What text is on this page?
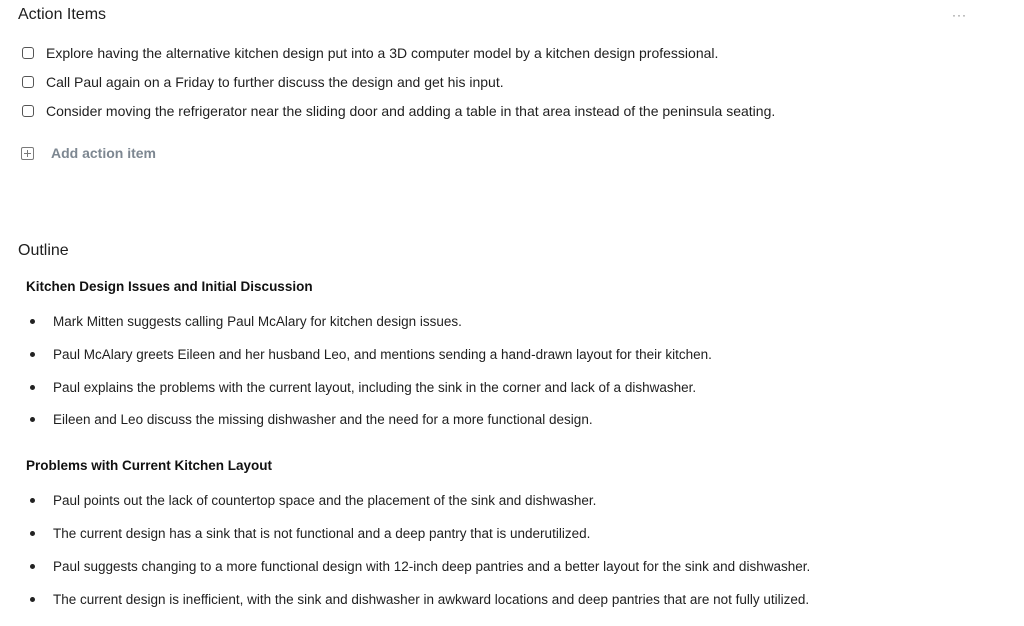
Action Items	···
Explore having the alternative kitchen design put into a 3D computer model by a kitchen design professional.
Call Paul again on a Friday to further discuss the design and get his input.
Consider moving the refrigerator near the sliding door and adding a table in that area instead of the peninsula seating.
Add action item
Outline
Kitchen Design Issues and Initial Discussion
Mark Mitten suggests calling Paul McAlary for kitchen design issues.
Paul McAlary greets Eileen and her husband Leo, and mentions sending a hand-drawn layout for their kitchen.
Paul explains the problems with the current layout, including the sink in the corner and lack of a dishwasher.
Eileen and Leo discuss the missing dishwasher and the need for a more functional design.
Problems with Current Kitchen Layout
Paul points out the lack of countertop space and the placement of the sink and dishwasher.
The current design has a sink that is not functional and a deep pantry that is underutilized.
Paul suggests changing to a more functional design with 12-inch deep pantries and a better layout for the sink and dishwasher.
The current design is inefficient, with the sink and dishwasher in awkward locations and deep pantries that are not fully utilized.
